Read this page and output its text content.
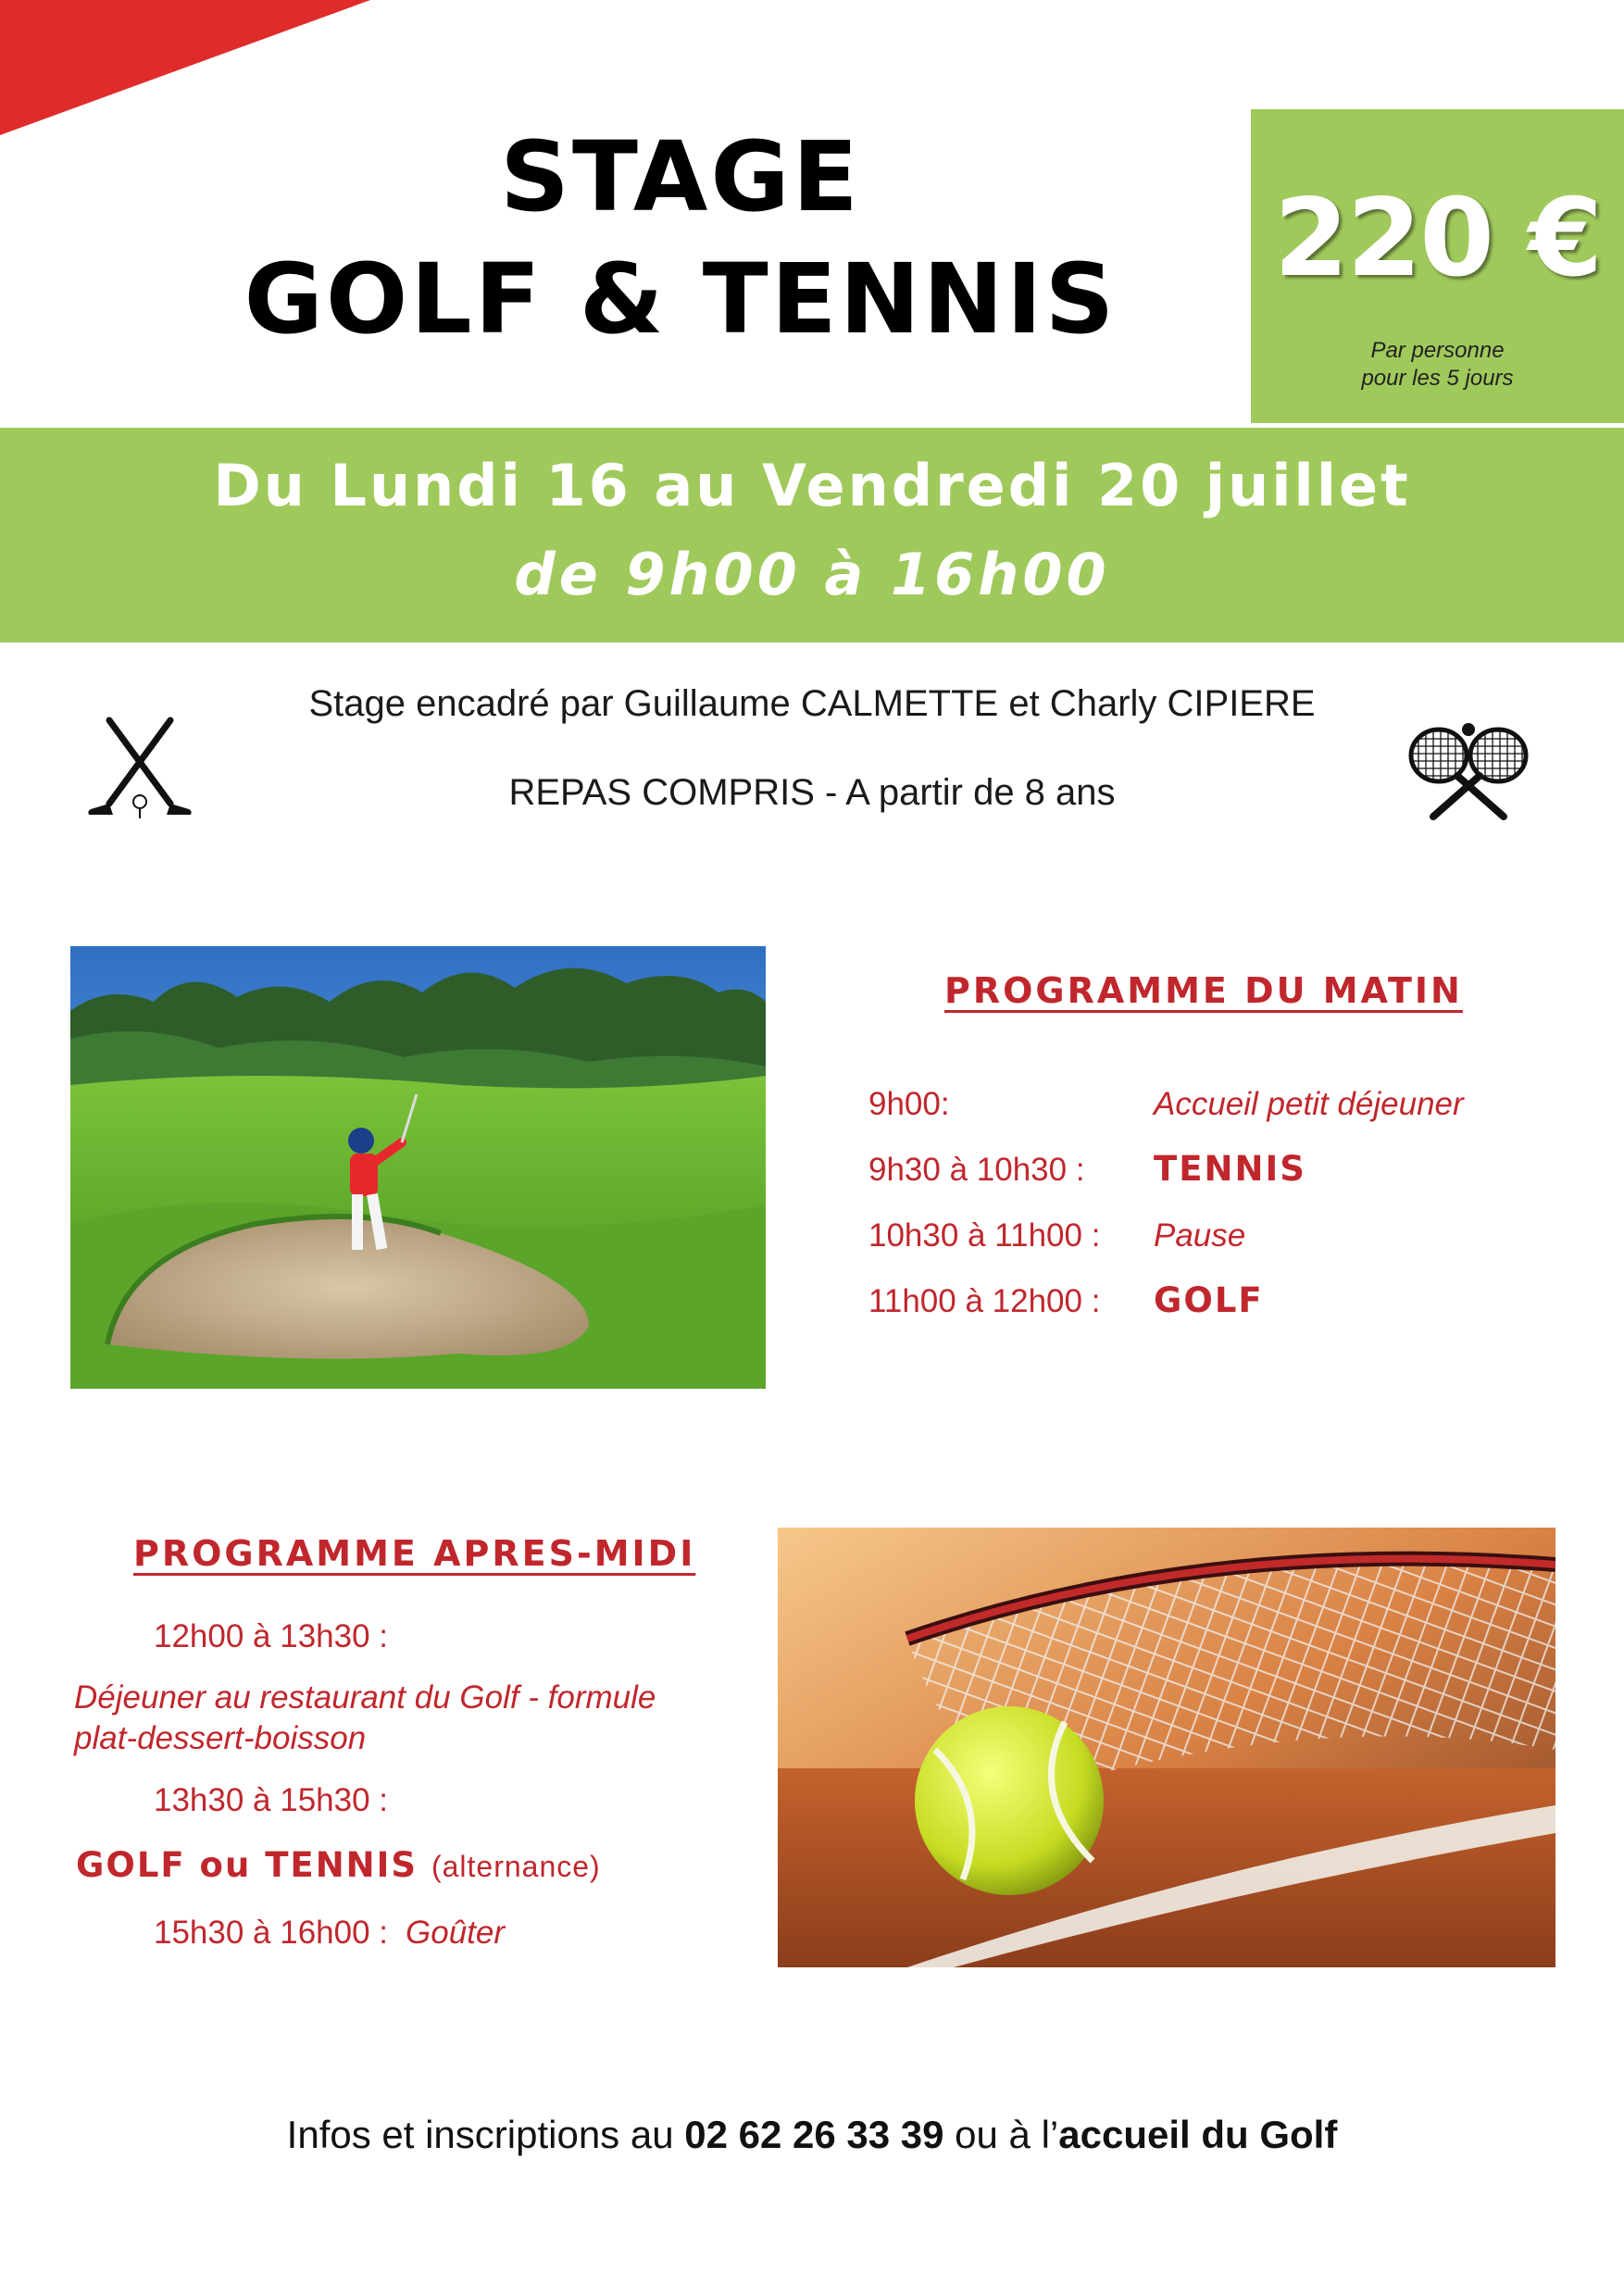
STAGE
GOLF & TENNIS	220 €
Par personne
pour les 5 jours
Du Lundi 16 au Vendredi 20 juillet
de 9h00 à 16h00
Stage encadré par Guillaume CALMETTE et Charly CIPIERE
REPAS COMPRIS - A partir de 8 ans
PROGRAMME DU MATIN
9h00:	Accueil petit déjeuner
9h30 à 10h30 : TENNIS
10h30 à 11h00 : Pause
11h00 à 12h00 : GOLF
PROGRAMME APRES-MIDI
12h00 à 13h30 :
Déjeuner au restaurant du Golf - formule
plat-dessert-boisson
13h30 à 15h30 :
GOLF ou TENNIS (alternance)
15h30 à 16h00 : Goûter
Infos et inscriptions au 02 62 26 33 39 ou à l’accueil du Golf
